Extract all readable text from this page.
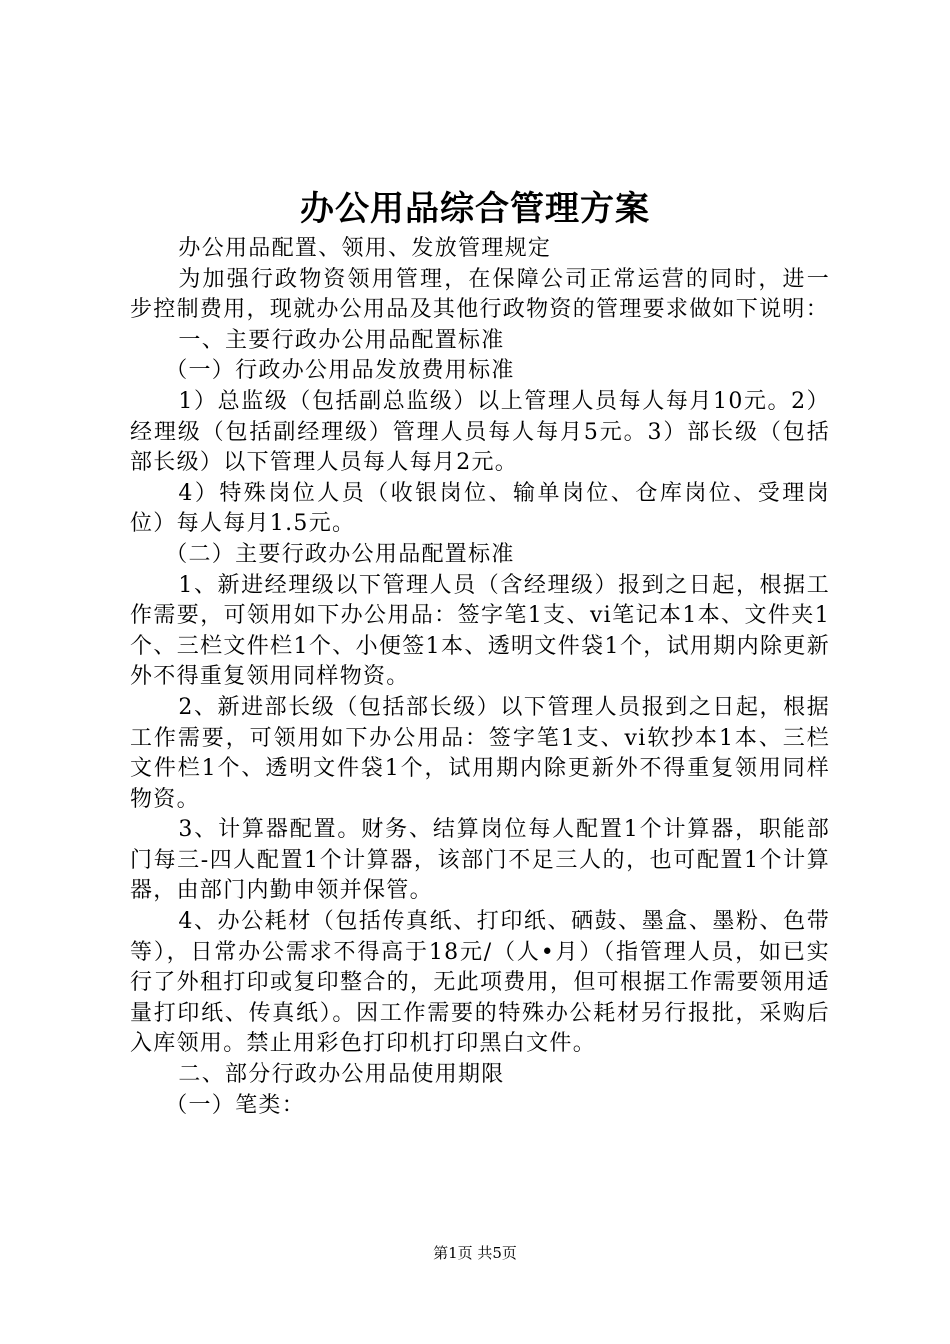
办公用品综合管理方案

办公用品配置、领用、发放管理规定

为加强行政物资领用管理，在保障公司正常运营的同时，进一步控制费用，现就办公用品及其他行政物资的管理要求做如下说明：

一、主要行政办公用品配置标准

（一）行政办公用品发放费用标准

1）总监级（包括副总监级）以上管理人员每人每月10元。2）经理级（包括副经理级）管理人员每人每月5元。3）部长级（包括部长级）以下管理人员每人每月2元。

4）特殊岗位人员（收银岗位、输单岗位、仓库岗位、受理岗位）每人每月1.5元。

（二）主要行政办公用品配置标准

1、新进经理级以下管理人员（含经理级）报到之日起，根据工作需要，可领用如下办公用品：签字笔1支、vi笔记本1本、文件夹1个、三栏文件栏1个、小便签1本、透明文件袋1个，试用期内除更新外不得重复领用同样物资。

2、新进部长级（包括部长级）以下管理人员报到之日起，根据工作需要，可领用如下办公用品：签字笔1支、vi软抄本1本、三栏文件栏1个、透明文件袋1个，试用期内除更新外不得重复领用同样物资。

3、计算器配置。财务、结算岗位每人配置1个计算器，职能部门每三-四人配置1个计算器，该部门不足三人的，也可配置1个计算器，由部门内勤申领并保管。

4、办公耗材（包括传真纸、打印纸、硒鼓、墨盒、墨粉、色带等），日常办公需求不得高于18元/（人•月）（指管理人员，如已实行了外租打印或复印整合的，无此项费用，但可根据工作需要领用适量打印纸、传真纸）。因工作需要的特殊办公耗材另行报批，采购后入库领用。禁止用彩色打印机打印黑白文件。

二、部分行政办公用品使用期限

（一）笔类：

第1页 共5页
